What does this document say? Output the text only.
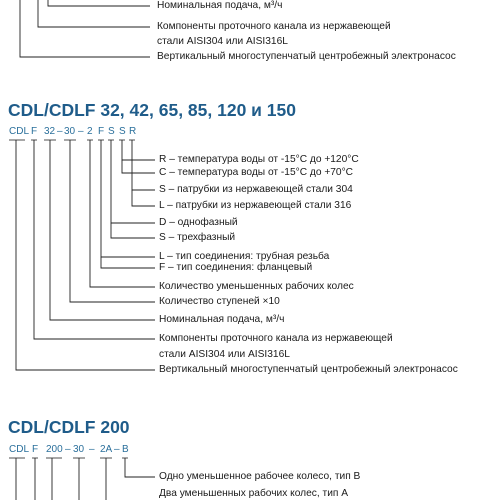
Номинальная подача, м³/ч
Компоненты проточного канала из нержавеющей
стали AISI304 или AISI316L
Вертикальный многоступенчатый центробежный электронасос
CDL/CDLF 32, 42, 65, 85, 120 и 150
CDL F 32 – 30 – 2 F S S R
R – температура воды от -15°С до +120°С
С – температура воды от -15°С до +70°С
S – патрубки из нержавеющей стали 304
L – патрубки из нержавеющей стали 316
D – однофазный
S – трехфазный
L – тип соединения: трубная резьба
F – тип соединения: фланцевый
Количество уменьшенных рабочих колес
Количество ступеней ×10
Номинальная подача, м³/ч
Компоненты проточного канала из нержавеющей
стали AISI304 или AISI316L
Вертикальный многоступенчатый центробежный электронасос
CDL/CDLF 200
CDL F 200 – 30 – 2A – B
Одно уменьшенное рабочее колесо, тип В
Два уменьшенных рабочих колес, тип А
